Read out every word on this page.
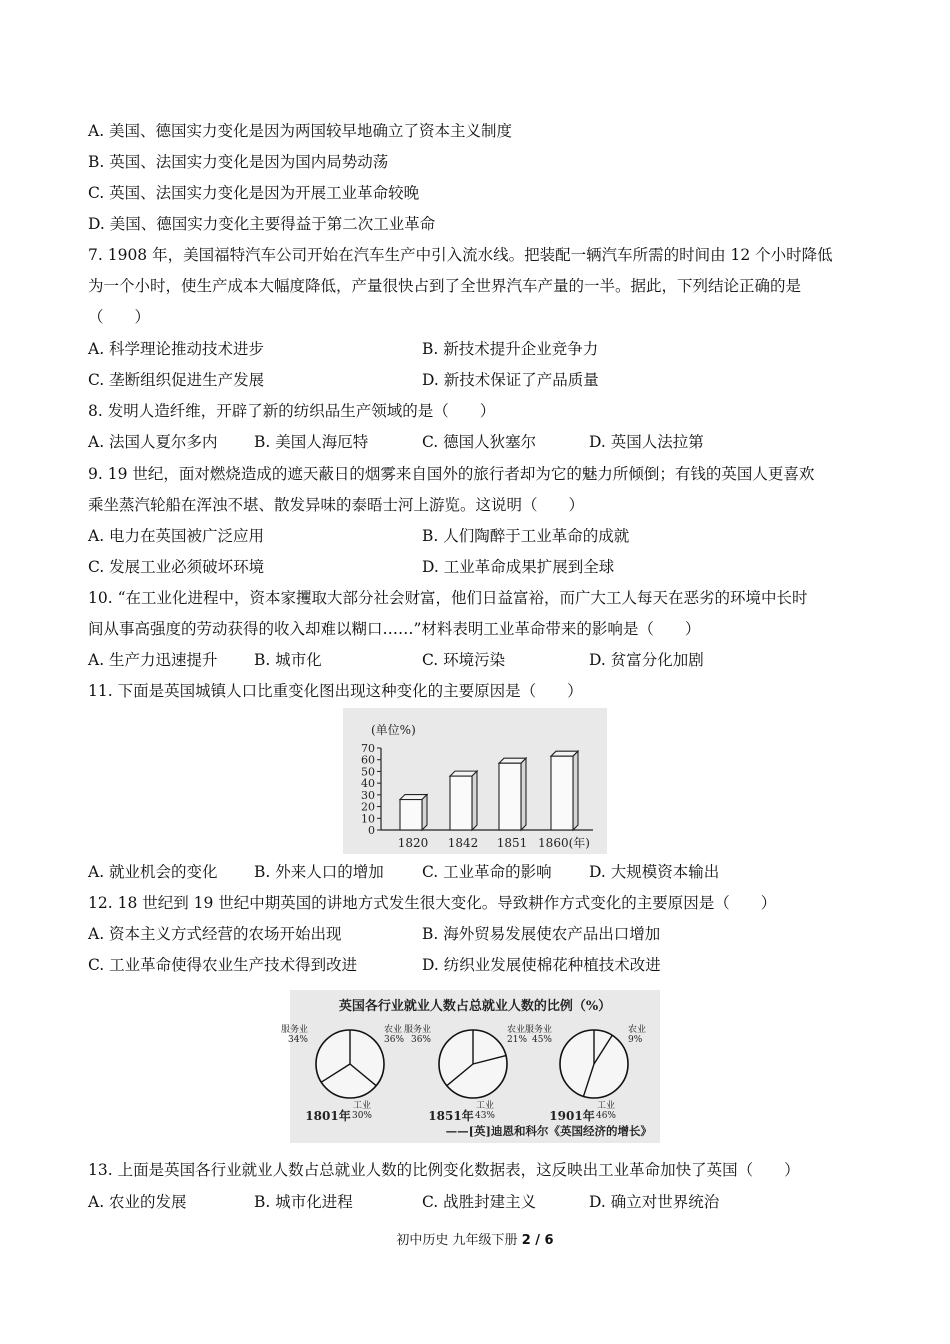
A. 美国、德国实力变化是因为两国较早地确立了资本主义制度
B. 英国、法国实力变化是因为国内局势动荡
C. 英国、法国实力变化是因为开展工业革命较晚
D. 美国、德国实力变化主要得益于第二次工业革命
7. 1908 年，美国福特汽车公司开始在汽车生产中引入流水线。把装配一辆汽车所需的时间由 12 个小时降低
为一个小时，使生产成本大幅度降低，产量很快占到了全世界汽车产量的一半。据此，下列结论正确的是
（　　）
A. 科学理论推动技术进步	B. 新技术提升企业竞争力
C. 垄断组织促进生产发展	D. 新技术保证了产品质量
8. 发明人造纤维，开辟了新的纺织品生产领域的是（　　）
A. 法国人夏尔多内 B. 美国人海厄特	C. 德国人狄塞尔	D. 英国人法拉第
9. 19 世纪，面对燃烧造成的遮天蔽日的烟雾来自国外的旅行者却为它的魅力所倾倒；有钱的英国人更喜欢
乘坐蒸汽轮船在浑浊不堪、散发异味的泰晤士河上游览。这说明（　　）
A. 电力在英国被广泛应用	B. 人们陶醉于工业革命的成就
C. 发展工业必须破坏环境	D. 工业革命成果扩展到全球
10. “在工业化进程中，资本家攫取大部分社会财富，他们日益富裕，而广大工人每天在恶劣的环境中长时
间从事高强度的劳动获得的收入却难以糊口……”材料表明工业革命带来的影响是（　　）
A. 生产力迅速提升 B. 城市化	C. 环境污染	D. 贫富分化加剧
11. 下面是英国城镇人口比重变化图出现这种变化的主要原因是（　　）
(单位%)
70
60
50
40
30
20
10
0
1820 1842 1851 1860(年)
A. 就业机会的变化 B. 外来人口的增加 C. 工业革命的影响 D. 大规模资本输出
12. 18 世纪到 19 世纪中期英国的讲地方式发生很大变化。导致耕作方式变化的主要原因是（　　）
A. 资本主义方式经营的农场开始出现	B. 海外贸易发展使农产品出口增加
C. 工业革命使得农业生产技术得到改进	D. 纺织业发展使棉花种植技术改进
英国各行业就业人数占总就业人数的比例（%）
服务业
34%
农业
36%
工业
30%
1801年
服务业
36%
农业
21%
工业
43%
1851年
服务业
45%
农业
9%
工业
46%
1901年
——[英]迪恩和科尔《英国经济的增长》
13. 上面是英国各行业就业人数占总就业人数的比例变化数据表，这反映出工业革命加快了英国（　　）
A. 农业的发展	B. 城市化进程	C. 战胜封建主义	D. 确立对世界统治
初中历史 九年级下册 2 / 6
